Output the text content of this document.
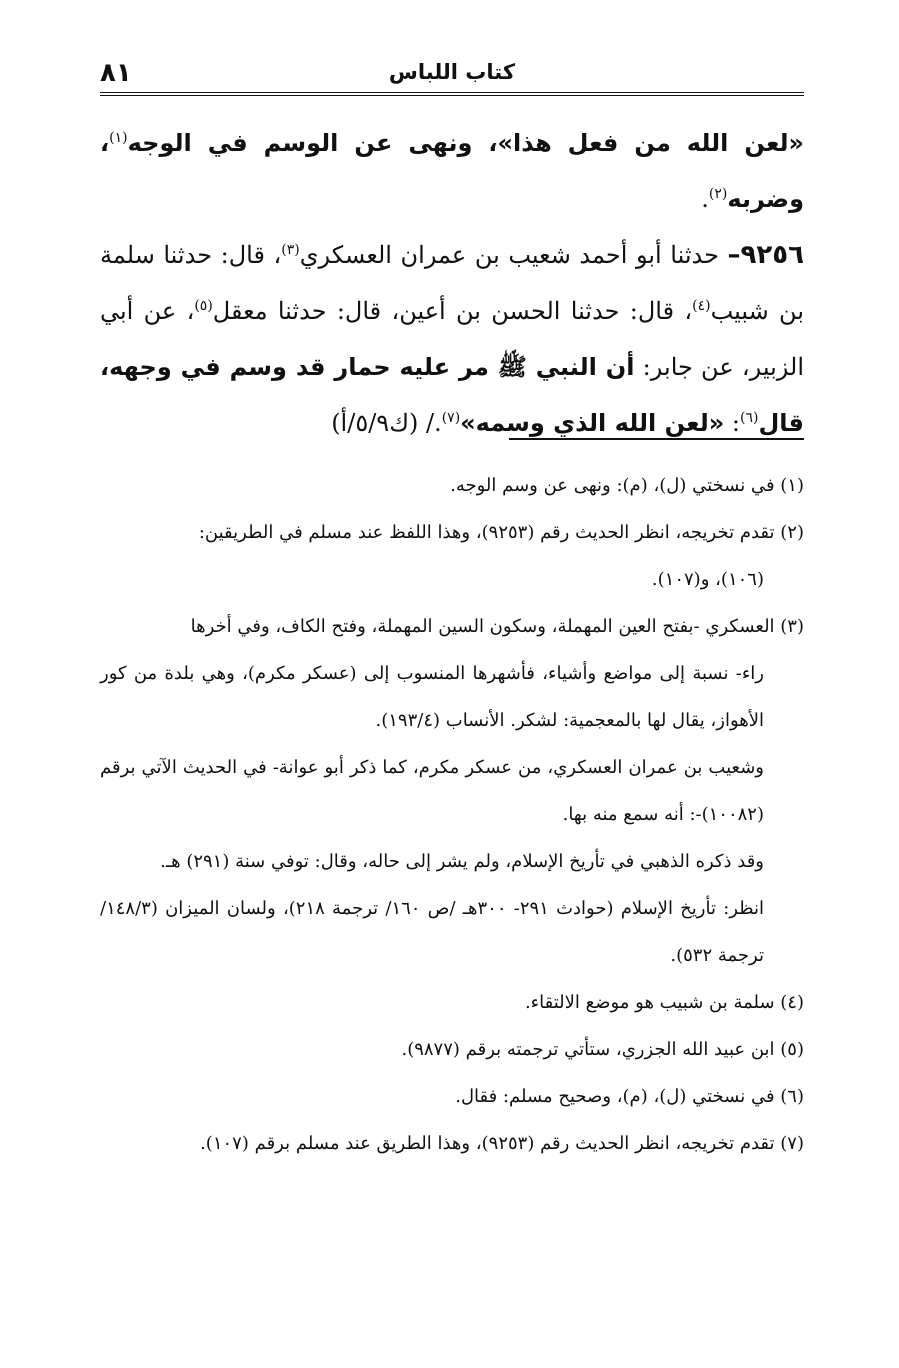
كتاب اللباس
٨١

«لعن الله من فعل هذا»، ونهى عن الوسم في الوجه$^{(١)}$، وضربه$^{(٢)}$.

٩٢٥٦– حدثنا أبو أحمد شعيب بن عمران العسكري$^{(٣)}$، قال: حدثنا سلمة بن شبيب$^{(٤)}$، قال: حدثنا الحسن بن أعين، قال: حدثنا معقل$^{(٥)}$، عن أبي الزبير، عن جابر: أن النبي ﷺ مر عليه حمار قد وسم في وجهه، قال$^{(٦)}$: «لعن الله الذي وسمه»$^{(٧)}$./ (ك٥/٩/أ)

(١) في نسختي (ل)، (م): ونهى عن وسم الوجه.

(٢) تقدم تخريجه، انظر الحديث رقم (٩٢٥٣)، وهذا اللفظ عند مسلم في الطريقين:

(١٠٦)، و(١٠٧).

(٣) العسكري -بفتح العين المهملة، وسكون السين المهملة، وفتح الكاف، وفي أخرها

راء- نسبة إلى مواضع وأشياء، فأشهرها المنسوب إلى (عسكر مكرم)، وهي بلدة من كور الأهواز، يقال لها بالمعجمية: لشكر. الأنساب (١٩٣/٤).

وشعيب بن عمران العسكري، من عسكر مكرم، كما ذكر أبو عوانة- في الحديث الآتي برقم (١٠٠٨٢)-: أنه سمع منه بها.

وقد ذكره الذهبي في تأريخ الإسلام، ولم يشر إلى حاله، وقال: توفي سنة (٢٩١) هـ.

انظر: تأريخ الإسلام (حوادث ٢٩١- ٣٠٠هـ /ص ١٦٠/ ترجمة ٢١٨)، ولسان الميزان (١٤٨/٣/ ترجمة ٥٣٢).

(٤) سلمة بن شبيب هو موضع الالتقاء.

(٥) ابن عبيد الله الجزري، ستأتي ترجمته برقم (٩٨٧٧).

(٦) في نسختي (ل)، (م)، وصحيح مسلم: فقال.

(٧) تقدم تخريجه، انظر الحديث رقم (٩٢٥٣)، وهذا الطريق عند مسلم برقم (١٠٧).
